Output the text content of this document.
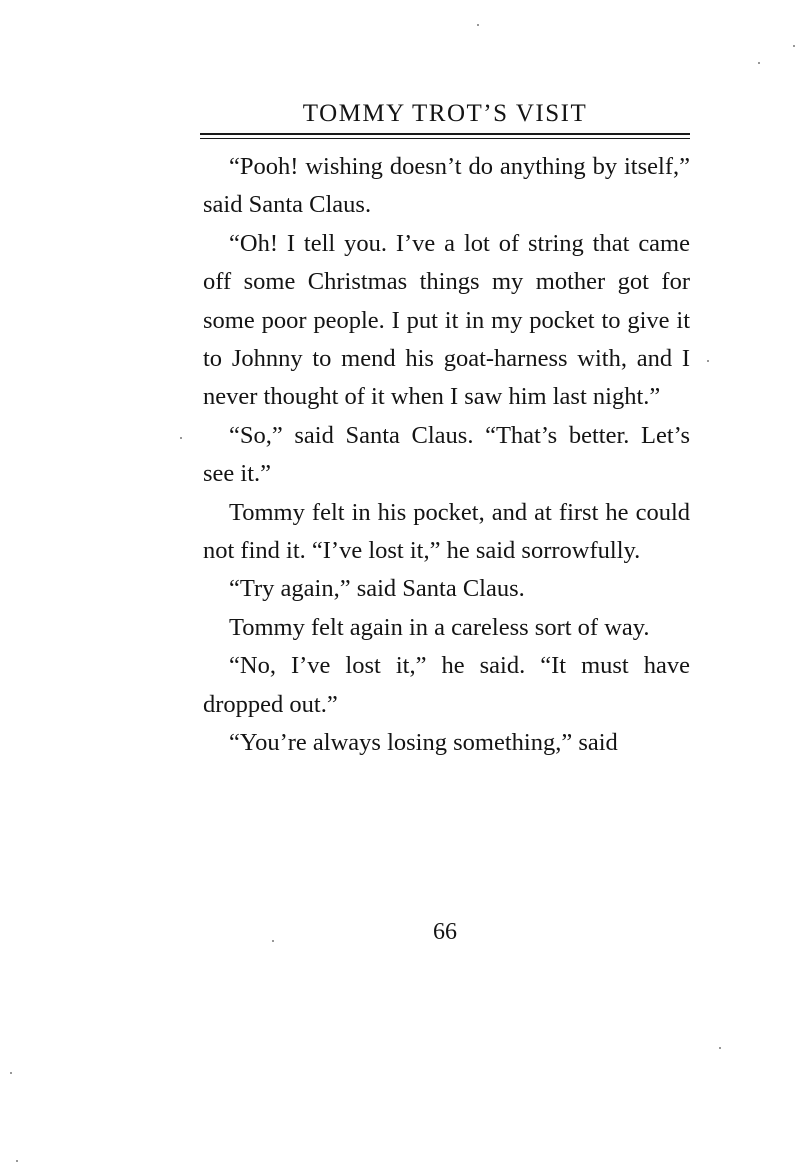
TOMMY TROT’S VISIT

“Pooh! wishing doesn’t do anything by itself,” said Santa Claus.

“Oh! I tell you. I’ve a lot of string that came off some Christmas things my mother got for some poor people. I put it in my pocket to give it to Johnny to mend his goat-harness with, and I never thought of it when I saw him last night.”

“So,” said Santa Claus. “That’s better. Let’s see it.”

Tommy felt in his pocket, and at first he could not find it. “I’ve lost it,” he said sorrowfully.

“Try again,” said Santa Claus.

Tommy felt again in a careless sort of way.

“No, I’ve lost it,” he said. “It must have dropped out.”

“You’re always losing something,” said

66
